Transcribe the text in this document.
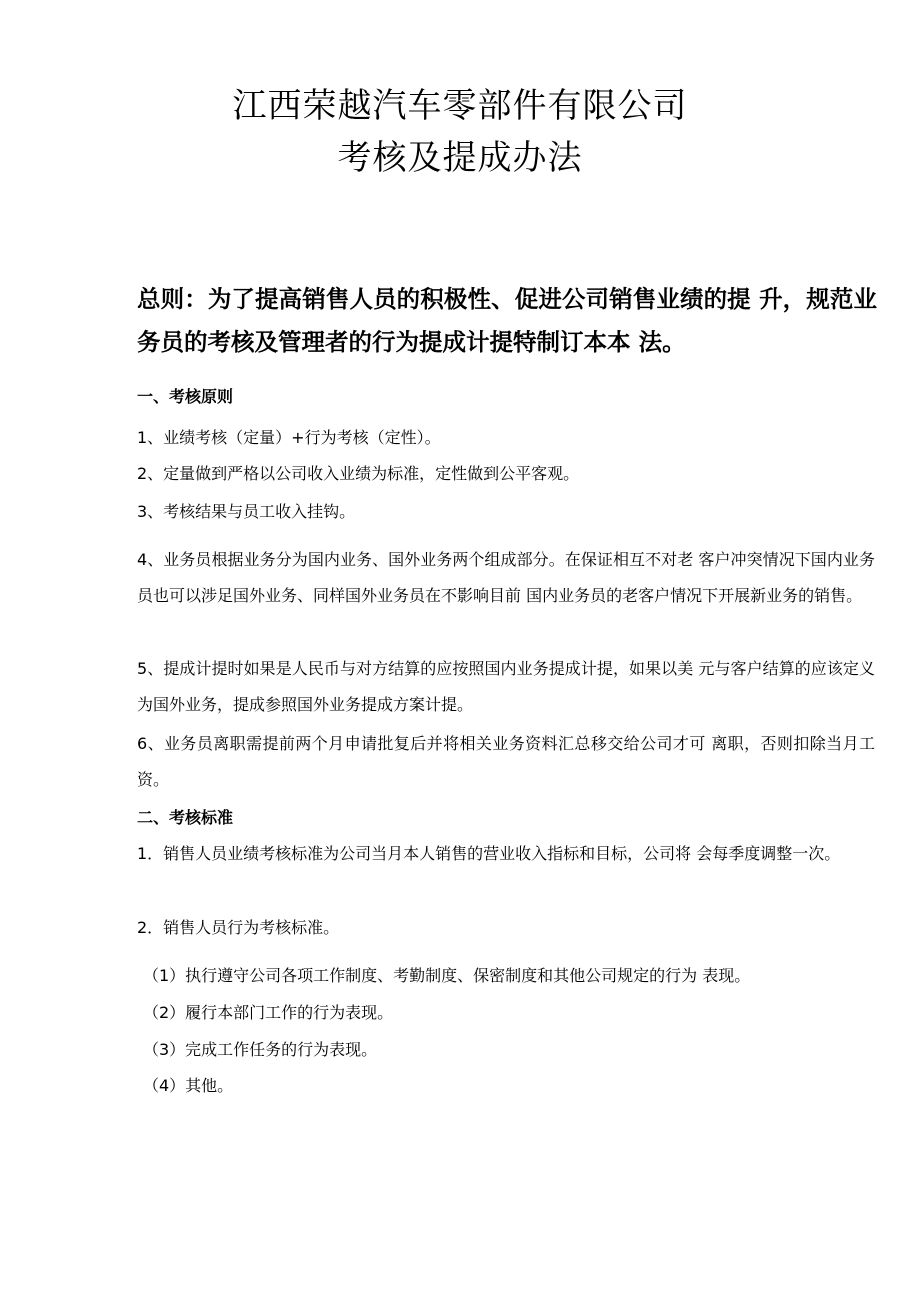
江西荣越汽车零部件有限公司
考核及提成办法

总则：为了提高销售人员的积极性、促进公司销售业绩的提 升，规范业务员的考核及管理者的行为提成计提特制订本本 法。

一、考核原则

1、业绩考核（定量）+行为考核（定性）。

2、定量做到严格以公司收入业绩为标准，定性做到公平客观。

3、考核结果与员工收入挂钩。

4、业务员根据业务分为国内业务、国外业务两个组成部分。在保证相互不对老 客户冲突情况下国内业务员也可以涉足国外业务、同样国外业务员在不影响目前 国内业务员的老客户情况下开展新业务的销售。

5、提成计提时如果是人民币与对方结算的应按照国内业务提成计提，如果以美 元与客户结算的应该定义为国外业务，提成参照国外业务提成方案计提。

6、业务员离职需提前两个月申请批复后并将相关业务资料汇总移交给公司才可 离职，否则扣除当月工资。

二、考核标准

1．销售人员业绩考核标准为公司当月本人销售的营业收入指标和目标，公司将 会每季度调整一次。

2．销售人员行为考核标准。

（1）执行遵守公司各项工作制度、考勤制度、保密制度和其他公司规定的行为 表现。

（2）履行本部门工作的行为表现。

（3）完成工作任务的行为表现。

（4）其他。
